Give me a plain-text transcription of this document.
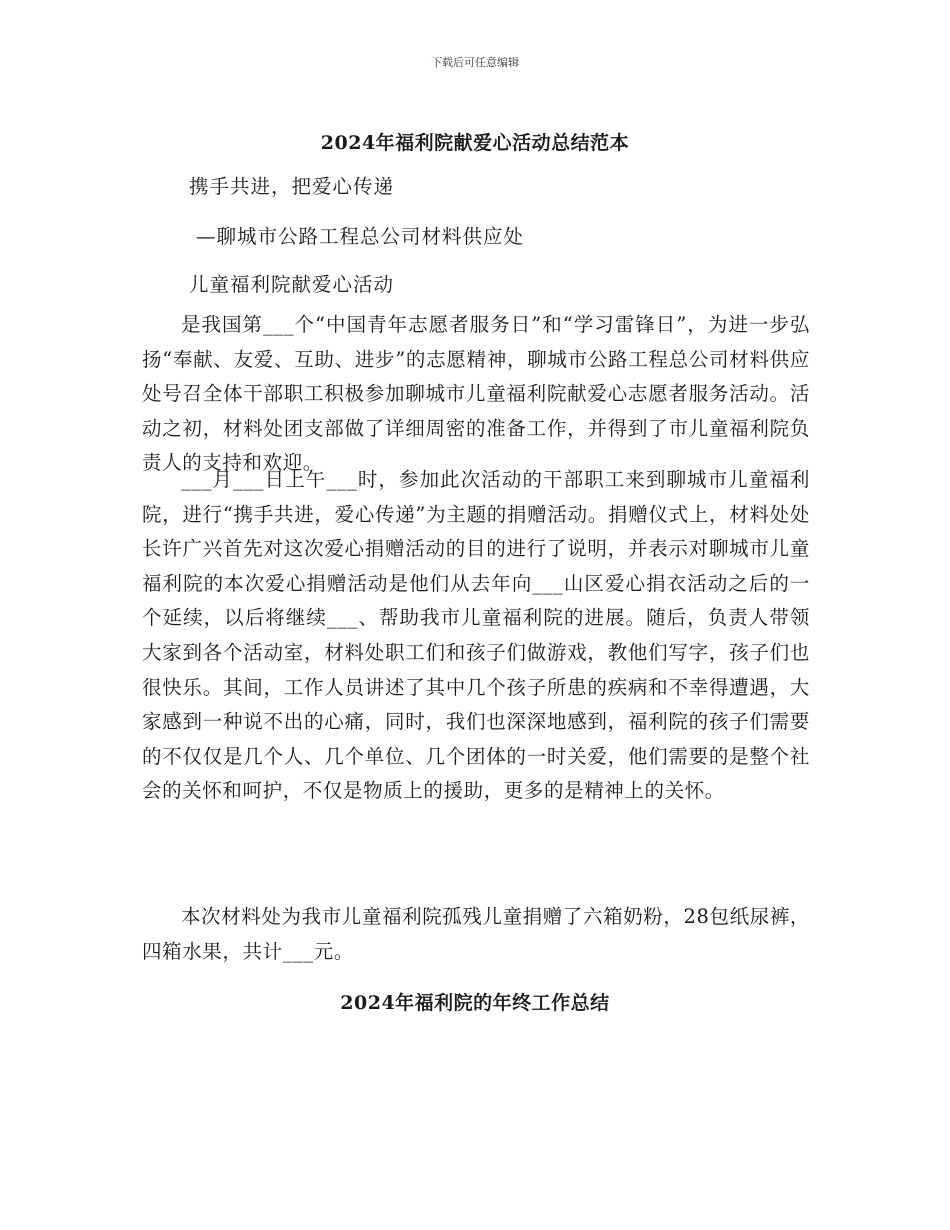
下载后可任意编辑
2024年福利院献爱心活动总结范本
携手共进，把爱心传递
—聊城市公路工程总公司材料供应处
儿童福利院献爱心活动
是我国第___个“中国青年志愿者服务日”和“学习雷锋日”，为进一步弘扬“奉献、友爱、互助、进步”的志愿精神，聊城市公路工程总公司材料供应处号召全体干部职工积极参加聊城市儿童福利院献爱心志愿者服务活动。活动之初，材料处团支部做了详细周密的准备工作，并得到了市儿童福利院负责人的支持和欢迎。
___月___日上午___时，参加此次活动的干部职工来到聊城市儿童福利院，进行“携手共进，爱心传递”为主题的捐赠活动。捐赠仪式上，材料处处长许广兴首先对这次爱心捐赠活动的目的进行了说明，并表示对聊城市儿童福利院的本次爱心捐赠活动是他们从去年向___山区爱心捐衣活动之后的一个延续，以后将继续___、帮助我市儿童福利院的进展。随后，负责人带领大家到各个活动室，材料处职工们和孩子们做游戏，教他们写字，孩子们也很快乐。其间，工作人员讲述了其中几个孩子所患的疾病和不幸得遭遇，大家感到一种说不出的心痛，同时，我们也深深地感到，福利院的孩子们需要的不仅仅是几个人、几个单位、几个团体的一时关爱，他们需要的是整个社会的关怀和呵护，不仅是物质上的援助，更多的是精神上的关怀。
本次材料处为我市儿童福利院孤残儿童捐赠了六箱奶粉，28包纸尿裤，四箱水果，共计___元。
2024年福利院的年终工作总结
